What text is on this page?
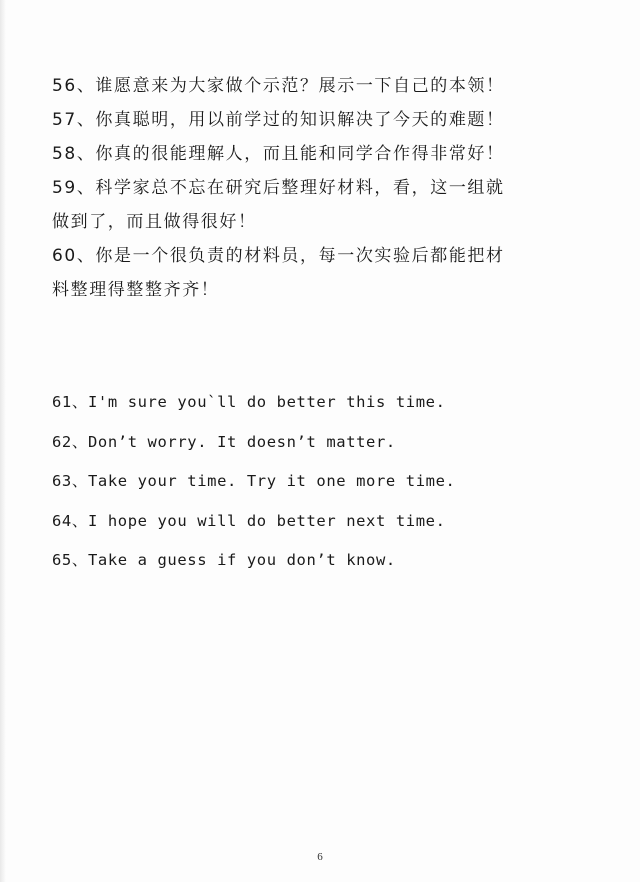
56、谁愿意来为大家做个示范？展示一下自己的本领！
57、你真聪明，用以前学过的知识解决了今天的难题！
58、你真的很能理解人，而且能和同学合作得非常好！
59、科学家总不忘在研究后整理好材料，看，这一组就
做到了，而且做得很好！
60、你是一个很负责的材料员，每一次实验后都能把材
料整理得整整齐齐！
61、I'm sure you`ll do better this time.
62、Don’t worry. It doesn’t matter.
63、Take your time. Try it one more time.
64、I hope you will do better next time.
65、Take a guess if you don’t know.
6
